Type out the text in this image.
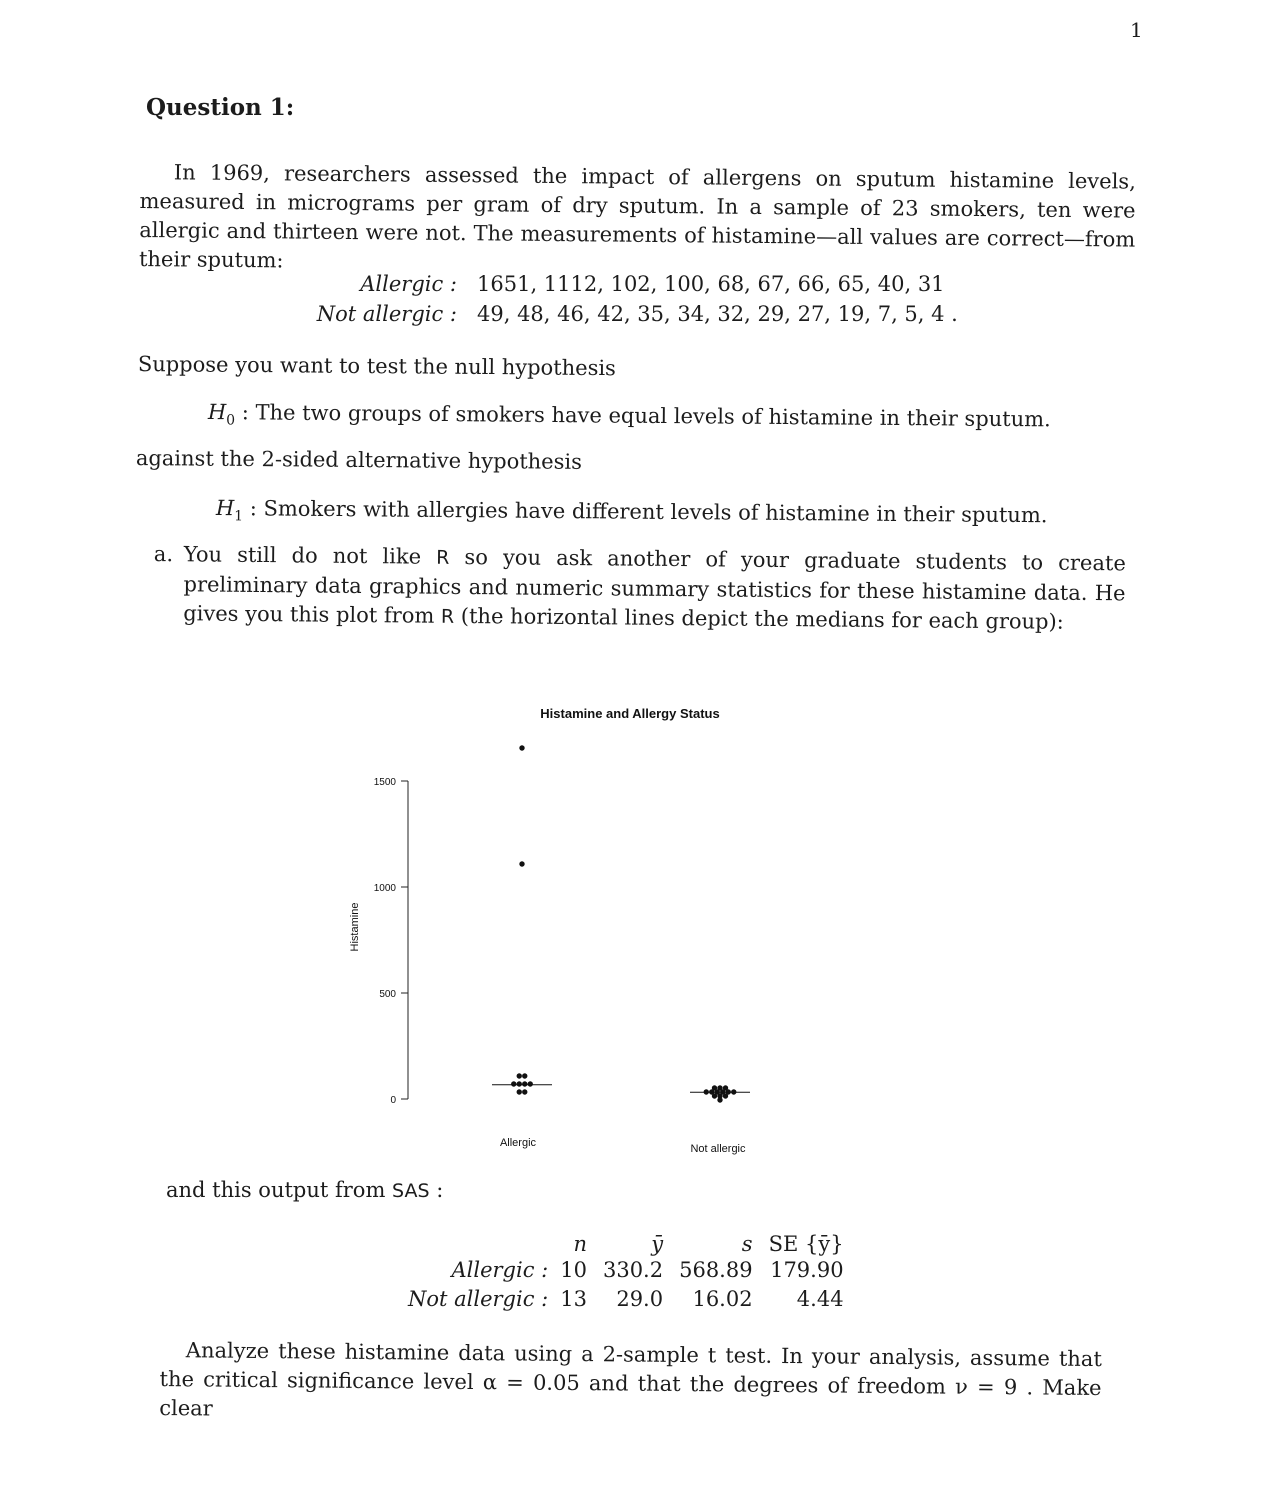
1
Question 1:
In 1969, researchers assessed the impact of allergens on sputum histamine levels, measured in micrograms per gram of dry sputum. In a sample of 23 smokers, ten were allergic and thirteen were not. The measurements of histamine—all values are correct—from their sputum:
Allergic : 1651, 1112, 102, 100, 68, 67, 66, 65, 40, 31
Not allergic : 49, 48, 46, 42, 35, 34, 32, 29, 27, 19, 7, 5, 4 .
Suppose you want to test the null hypothesis
$H_0$ : The two groups of smokers have equal levels of histamine in their sputum.
against the 2-sided alternative hypothesis
$H_1$ : Smokers with allergies have different levels of histamine in their sputum.
a. You still do not like R so you ask another of your graduate students to create preliminary data graphics and numeric summary statistics for these histamine data. He gives you this plot from R (the horizontal lines depict the medians for each group):
Histamine and Allergy Status
Histamine
0
500
1000
1500
Allergic	Not allergic
and this output from SAS :
	n	ȳ	s	SE {ȳ}
Allergic :	10	330.2	568.89	179.90
Not allergic :	13	29.0	16.02	4.44
Analyze these histamine data using a 2-sample t test. In your analysis, assume that the critical significance level α = 0.05 and that the degrees of freedom ν = 9 . Make clear
